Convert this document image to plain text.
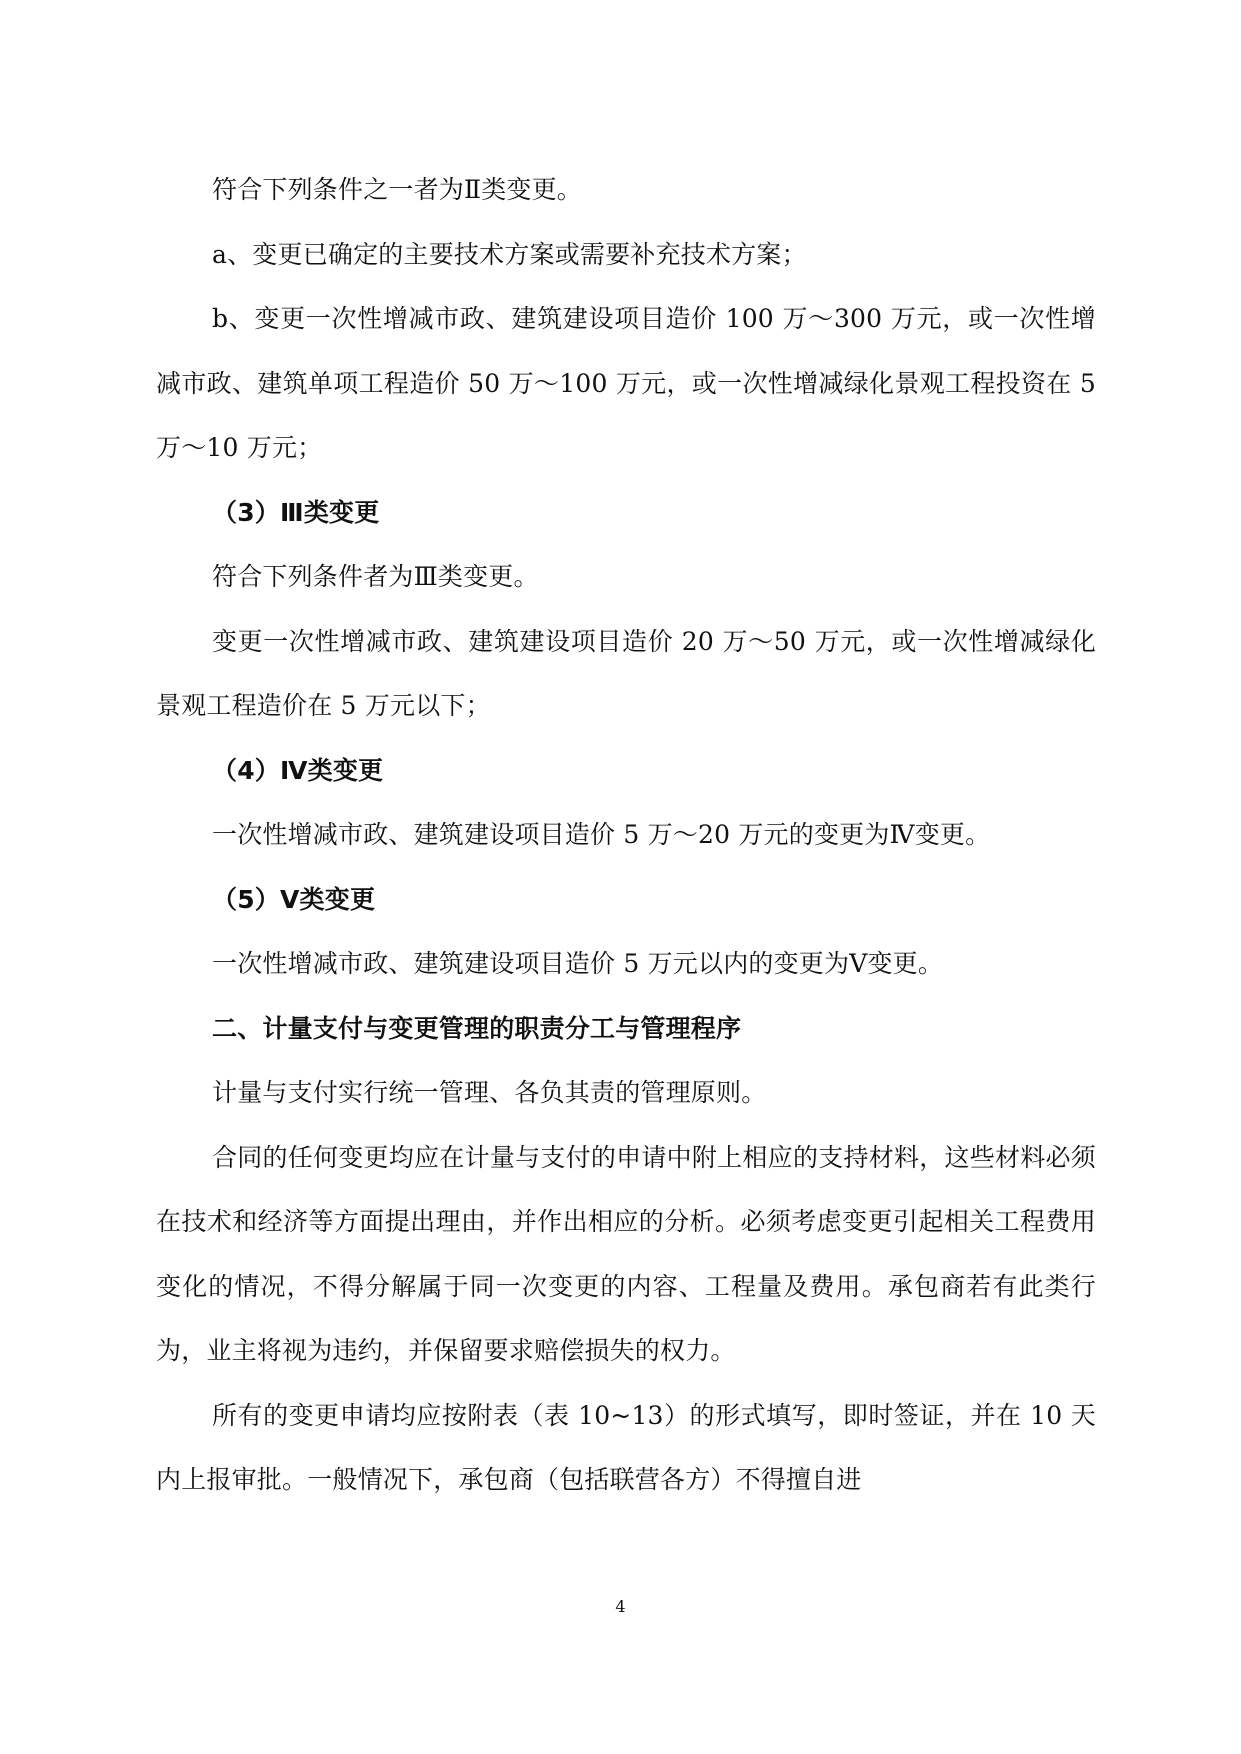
符合下列条件之一者为Ⅱ类变更。

a、变更已确定的主要技术方案或需要补充技术方案；

b、变更一次性增减市政、建筑建设项目造价 100 万～300 万元，或一次性增减市政、建筑单项工程造价 50 万～100 万元，或一次性增减绿化景观工程投资在 5 万～10 万元；

（3）Ⅲ类变更

符合下列条件者为Ⅲ类变更。

变更一次性增减市政、建筑建设项目造价 20 万～50 万元，或一次性增减绿化景观工程造价在 5 万元以下；

（4）Ⅳ类变更

一次性增减市政、建筑建设项目造价 5 万～20 万元的变更为Ⅳ变更。

（5）Ⅴ类变更

一次性增减市政、建筑建设项目造价 5 万元以内的变更为Ⅴ变更。

二、计量支付与变更管理的职责分工与管理程序

计量与支付实行统一管理、各负其责的管理原则。

合同的任何变更均应在计量与支付的申请中附上相应的支持材料，这些材料必须在技术和经济等方面提出理由，并作出相应的分析。必须考虑变更引起相关工程费用变化的情况，不得分解属于同一次变更的内容、工程量及费用。承包商若有此类行为，业主将视为违约，并保留要求赔偿损失的权力。

所有的变更申请均应按附表（表 10~13）的形式填写，即时签证，并在 10 天内上报审批。一般情况下，承包商（包括联营各方）不得擅自进

4
